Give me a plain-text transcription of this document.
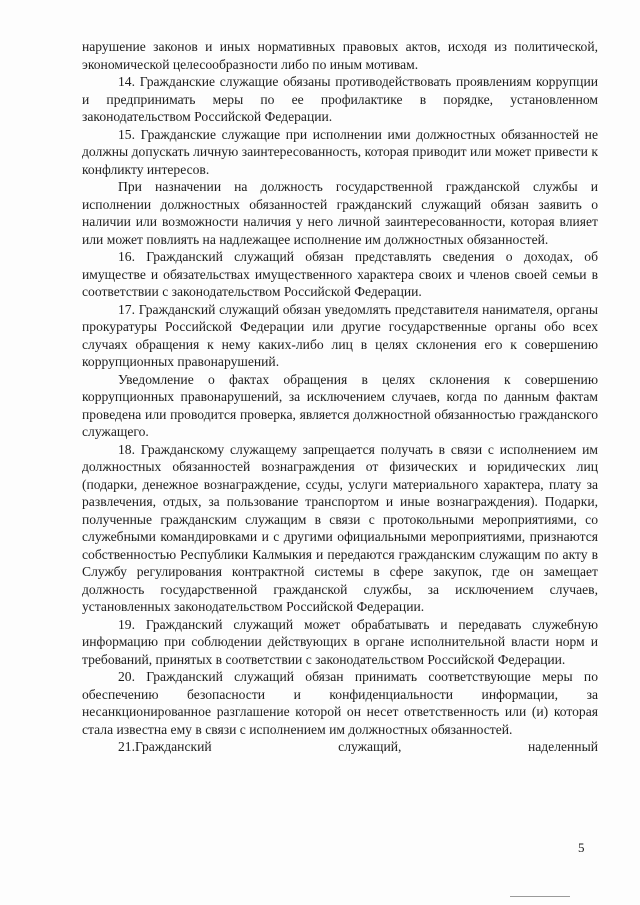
нарушение законов и иных нормативных правовых актов, исходя из политической, экономической целесообразности либо по иным мотивам.

14. Гражданские служащие обязаны противодействовать проявлениям коррупции и предпринимать меры по ее профилактике в порядке, установленном законодательством Российской Федерации.

15. Гражданские служащие при исполнении ими должностных обязанностей не должны допускать личную заинтересованность, которая приводит или может привести к конфликту интересов.

При назначении на должность государственной гражданской службы и исполнении должностных обязанностей гражданский служащий обязан заявить о наличии или возможности наличия у него личной заинтересованности, которая влияет или может повлиять на надлежащее исполнение им должностных обязанностей.

16. Гражданский служащий обязан представлять сведения о доходах, об имуществе и обязательствах имущественного характера своих и членов своей семьи в соответствии с законодательством Российской Федерации.

17. Гражданский служащий обязан уведомлять представителя нанимателя, органы прокуратуры Российской Федерации или другие государственные органы обо всех случаях обращения к нему каких-либо лиц в целях склонения его к совершению коррупционных правонарушений.

Уведомление о фактах обращения в целях склонения к совершению коррупционных правонарушений, за исключением случаев, когда по данным фактам проведена или проводится проверка, является должностной обязанностью гражданского служащего.

18. Гражданскому служащему запрещается получать в связи с исполнением им должностных обязанностей вознаграждения от физических и юридических лиц (подарки, денежное вознаграждение, ссуды, услуги материального характера, плату за развлечения, отдых, за пользование транспортом и иные вознаграждения). Подарки, полученные гражданским служащим в связи с протокольными мероприятиями, со служебными командировками и с другими официальными мероприятиями, признаются собственностью Республики Калмыкия и передаются гражданским служащим по акту в Службу регулирования контрактной системы в сфере закупок, где он замещает должность государственной гражданской службы, за исключением случаев, установленных законодательством Российской Федерации.

19. Гражданский служащий может обрабатывать и передавать служебную информацию при соблюдении действующих в органе исполнительной власти норм и требований, принятых в соответствии с законодательством Российской Федерации.

20. Гражданский служащий обязан принимать соответствующие меры по обеспечению безопасности и конфиденциальности информации, за несанкционированное разглашение которой он несет ответственность или (и) которая стала известна ему в связи с исполнением им должностных обязанностей.

21.Гражданский	служащий,	наделенный

5
